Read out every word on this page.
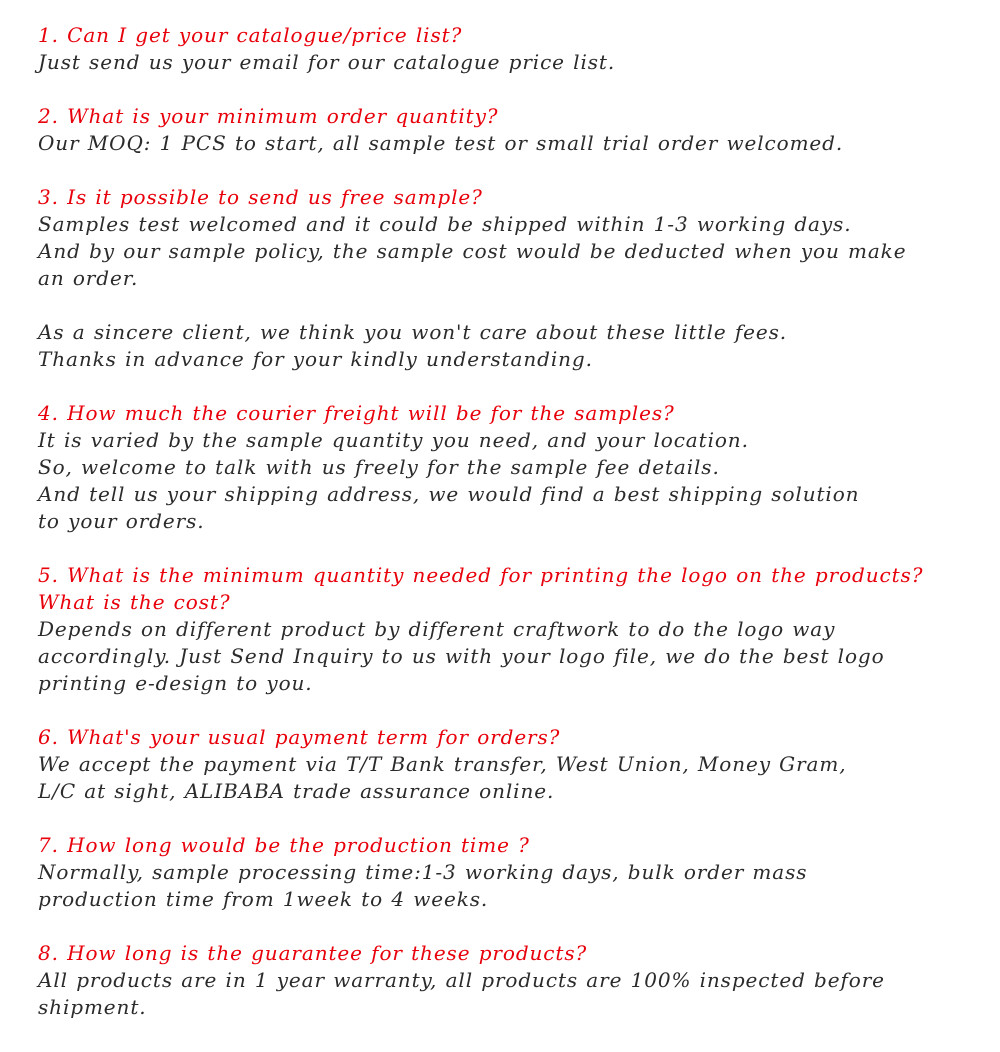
1. Can I get your catalogue/price list?
Just send us your email for our catalogue price list.
2. What is your minimum order quantity?
Our MOQ: 1 PCS to start, all sample test or small trial order welcomed.
3. Is it possible to send us free sample?
Samples test welcomed and it could be shipped within 1-3 working days.
And by our sample policy, the sample cost would be deducted when you make
an order.
As a sincere client, we think you won't care about these little fees.
Thanks in advance for your kindly understanding.
4. How much the courier freight will be for the samples?
It is varied by the sample quantity you need, and your location.
So, welcome to talk with us freely for the sample fee details.
And tell us your shipping address, we would find a best shipping solution
to your orders.
5. What is the minimum quantity needed for printing the logo on the products?
What is the cost?
Depends on different product by different craftwork to do the logo way
accordingly. Just Send Inquiry to us with your logo file, we do the best logo
printing e-design to you.
6. What's your usual payment term for orders?
We accept the payment via T/T Bank transfer, West Union, Money Gram,
L/C at sight, ALIBABA trade assurance online.
7. How long would be the production time ?
Normally, sample processing time:1-3 working days, bulk order mass
production time from 1week to 4 weeks.
8. How long is the guarantee for these products?
All products are in 1 year warranty, all products are 100% inspected before
shipment.
